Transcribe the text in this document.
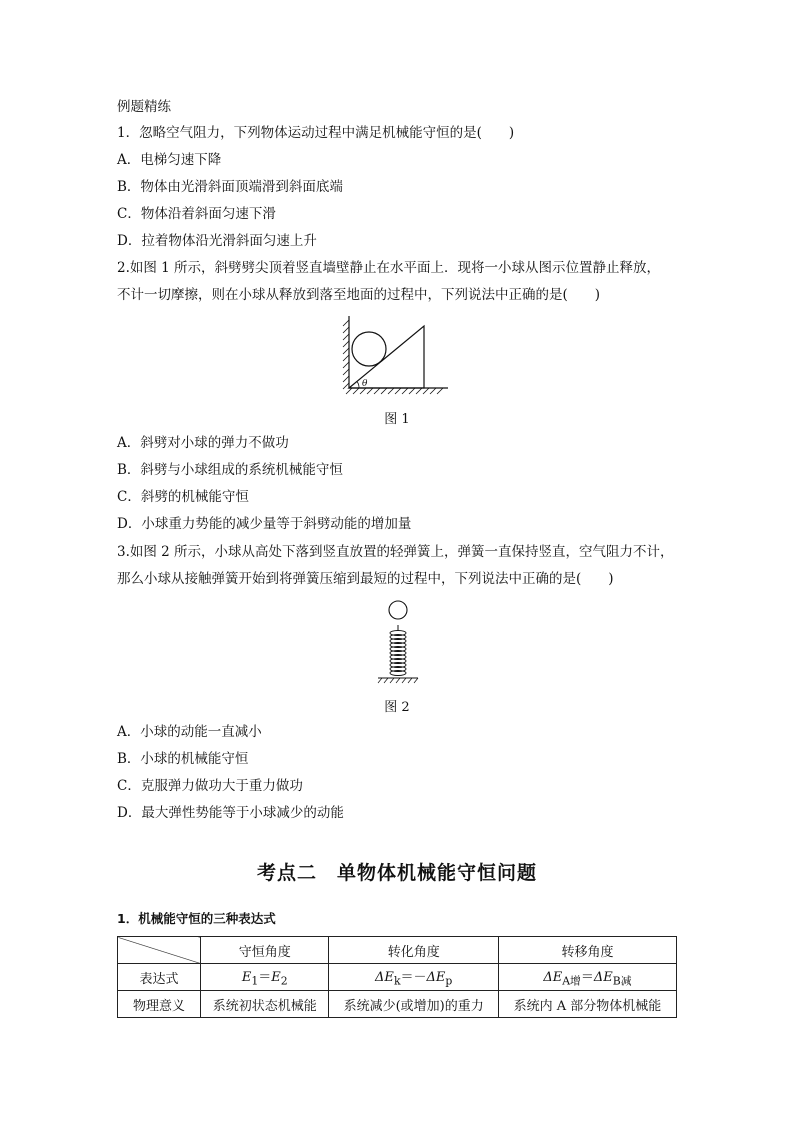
例题精练
1．忽略空气阻力，下列物体运动过程中满足机械能守恒的是(　　)
A．电梯匀速下降
B．物体由光滑斜面顶端滑到斜面底端
C．物体沿着斜面匀速下滑
D．拉着物体沿光滑斜面匀速上升
2.如图 1 所示，斜劈劈尖顶着竖直墙壁静止在水平面上．现将一小球从图示位置静止释放，
不计一切摩擦，则在小球从释放到落至地面的过程中，下列说法中正确的是(　　)
θ
图 1
A．斜劈对小球的弹力不做功
B．斜劈与小球组成的系统机械能守恒
C．斜劈的机械能守恒
D．小球重力势能的减少量等于斜劈动能的增加量
3.如图 2 所示，小球从高处下落到竖直放置的轻弹簧上，弹簧一直保持竖直，空气阻力不计，
那么小球从接触弹簧开始到将弹簧压缩到最短的过程中，下列说法中正确的是(　　)
图 2
A．小球的动能一直减小
B．小球的机械能守恒
C．克服弹力做功大于重力做功
D．最大弹性势能等于小球减少的动能
考点二　单物体机械能守恒问题
1．机械能守恒的三种表达式
	守恒角度	转化角度	转移角度
表达式	$E_1=E_2$	$\Delta E_k=-\Delta E_p$	$\Delta E_{A增}=\Delta E_{B减}$
物理意义	系统初状态机械能	系统减少(或增加)的重力	系统内 A 部分物体机械能
